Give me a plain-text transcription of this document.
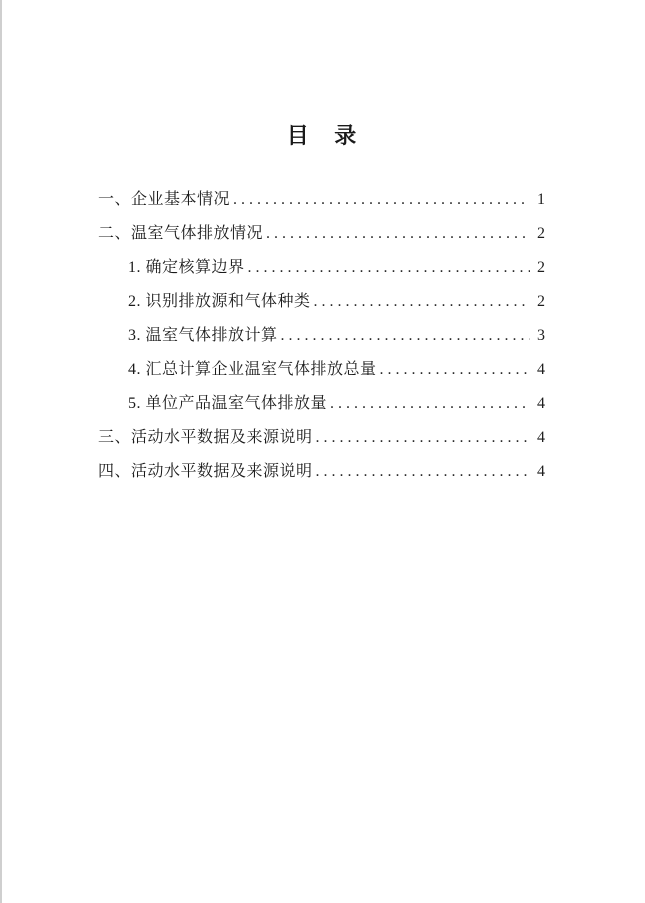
目 录
一、企业基本情况 .....	1
二、温室气体排放情况 .....	2
1. 确定核算边界 .....	2
2. 识别排放源和气体种类 .....	2
3. 温室气体排放计算 .....	3
4. 汇总计算企业温室气体排放总量 .....	4
5. 单位产品温室气体排放量 .....	4
三、活动水平数据及来源说明 .....	4
四、活动水平数据及来源说明 .....	4
